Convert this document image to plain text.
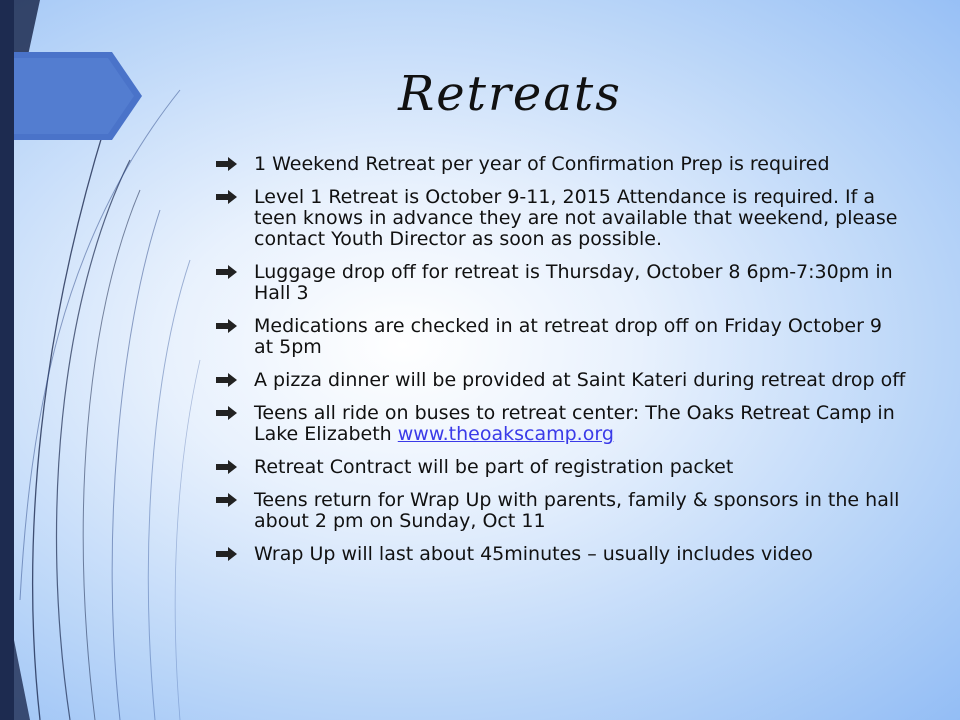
Retreats
1 Weekend Retreat per year of Confirmation Prep is required
Level 1 Retreat is October 9-11, 2015 Attendance is required. If a teen knows in advance they are not available that weekend, please contact Youth Director as soon as possible.
Luggage drop off for retreat is Thursday, October 8 6pm-7:30pm in Hall 3
Medications are checked in at retreat drop off on Friday October 9 at 5pm
A pizza dinner will be provided at Saint Kateri during retreat drop off
Teens all ride on buses to retreat center: The Oaks Retreat Camp in Lake Elizabeth www.theoakscamp.org
Retreat Contract will be part of registration packet
Teens return for Wrap Up with parents, family & sponsors in the hall about 2 pm on Sunday, Oct 11
Wrap Up will last about 45minutes – usually includes video
